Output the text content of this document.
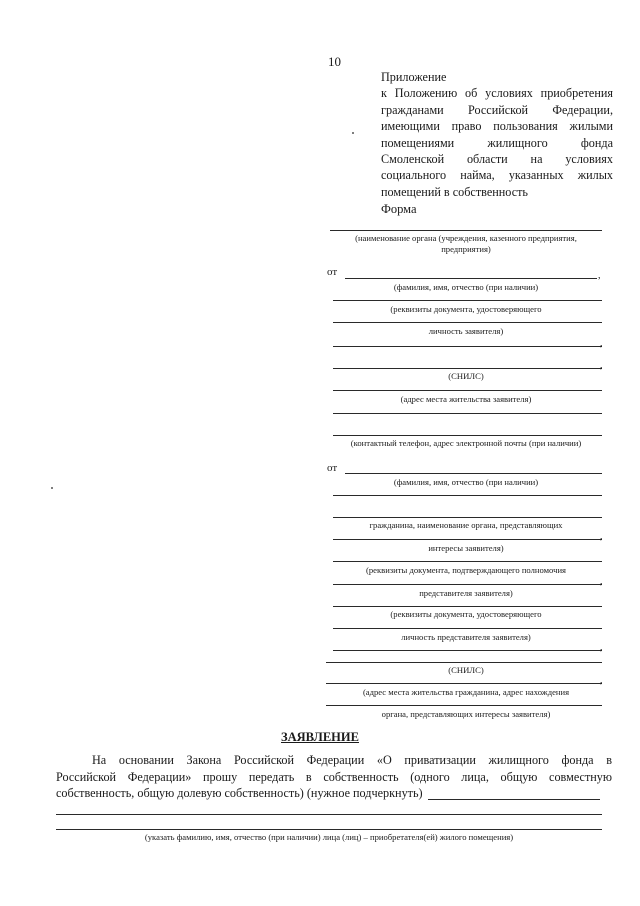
10
Приложение
к Положению об условиях приобретения
гражданами Российской Федерации,
имеющими право пользования жилыми
помещениями жилищного фонда
Смоленской области на условиях
социального найма, указанных жилых
помещений в собственность
Форма
(наименование органа (учреждения, казенного предприятия,
предприятия)
от	,
(фамилия, имя, отчество (при наличии)
(реквизиты документа, удостоверяющего
личность заявителя)
,
,
(СНИЛС)
(адрес места жительства заявителя)
(контактный телефон, адрес электронной почты (при наличии)
от
(фамилия, имя, отчество (при наличии)
гражданина, наименование органа, представляющих
,
интересы заявителя)
(реквизиты документа, подтверждающего полномочия
,
представителя заявителя)
(реквизиты документа, удостоверяющего
личность представителя заявителя)
,
(СНИЛС)
,
(адрес места жительства гражданина, адрес нахождения
органа, представляющих интересы заявителя)
ЗАЯВЛЕНИЕ
На основании Закона Российской Федерации «О приватизации жилищного фонда в
Российской Федерации» прошу передать в собственность (одного лица, общую совместную
собственность, общую долевую собственность) (нужное подчеркнуть)
(указать фамилию, имя, отчество (при наличии) лица (лиц) – приобретателя(ей) жилого помещения)
